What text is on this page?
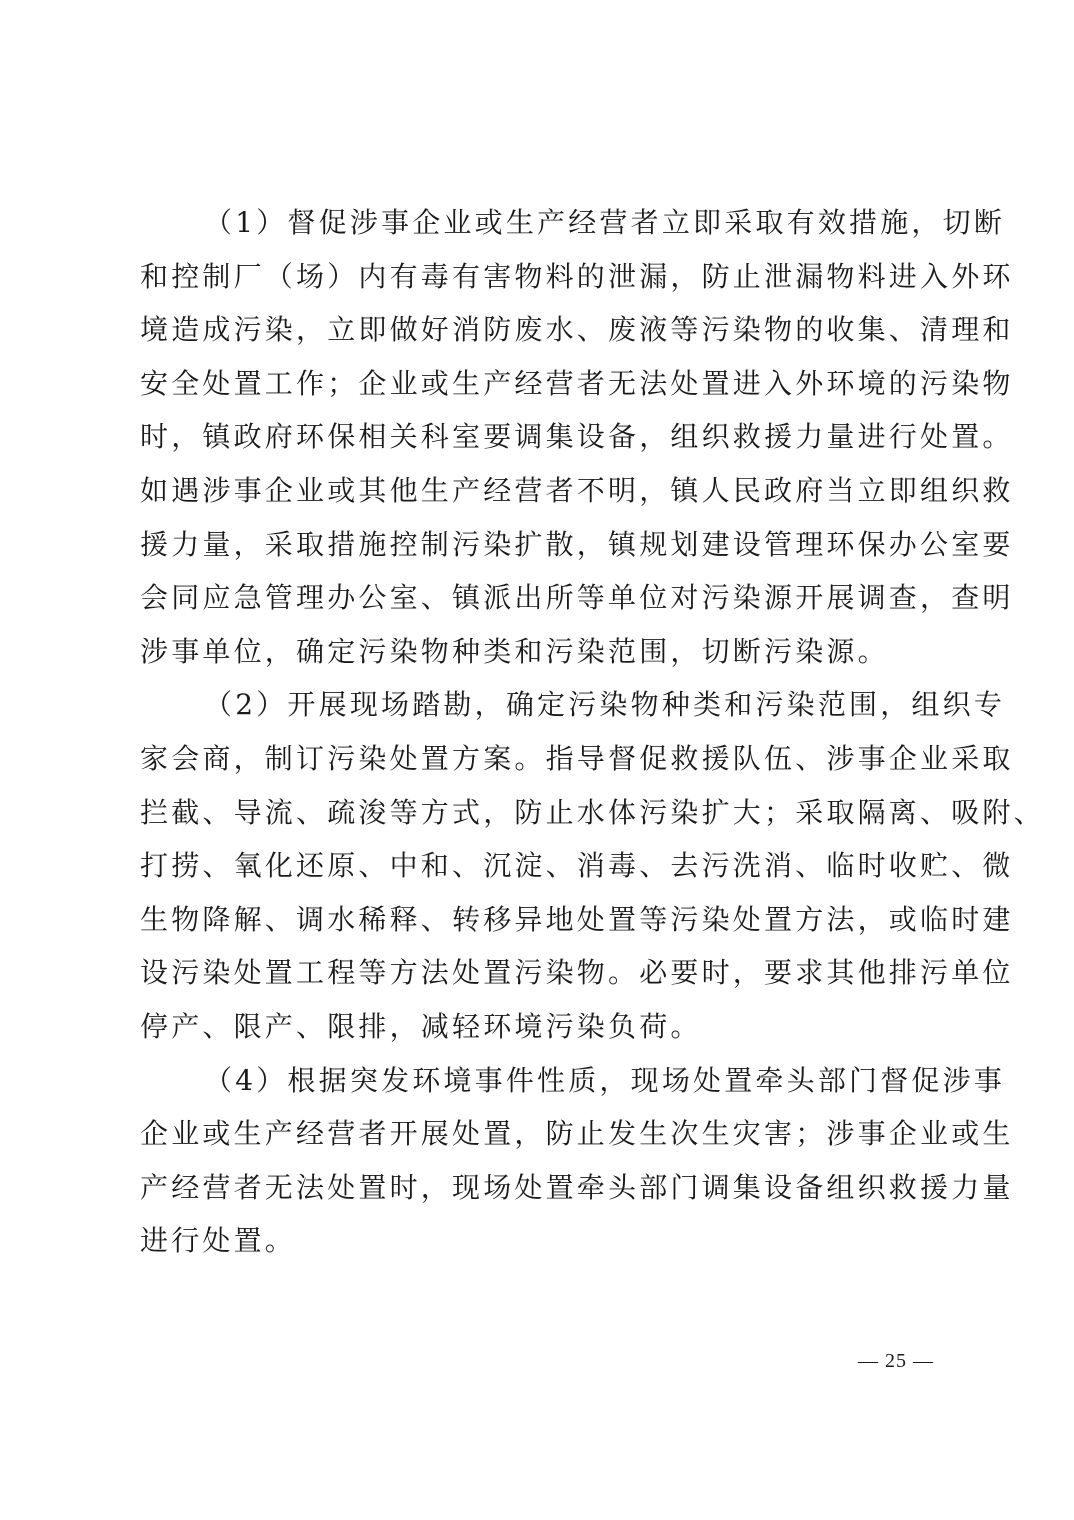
（1）督促涉事企业或生产经营者立即采取有效措施，切断
和控制厂（场）内有毒有害物料的泄漏，防止泄漏物料进入外环
境造成污染，立即做好消防废水、废液等污染物的收集、清理和
安全处置工作；企业或生产经营者无法处置进入外环境的污染物
时，镇政府环保相关科室要调集设备，组织救援力量进行处置。
如遇涉事企业或其他生产经营者不明，镇人民政府当立即组织救
援力量，采取措施控制污染扩散，镇规划建设管理环保办公室要
会同应急管理办公室、镇派出所等单位对污染源开展调查，查明
涉事单位，确定污染物种类和污染范围，切断污染源。
（2）开展现场踏勘，确定污染物种类和污染范围，组织专
家会商，制订污染处置方案。指导督促救援队伍、涉事企业采取
拦截、导流、疏浚等方式，防止水体污染扩大；采取隔离、吸附、
打捞、氧化还原、中和、沉淀、消毒、去污洗消、临时收贮、微
生物降解、调水稀释、转移异地处置等污染处置方法，或临时建
设污染处置工程等方法处置污染物。必要时，要求其他排污单位
停产、限产、限排，减轻环境污染负荷。
（4）根据突发环境事件性质，现场处置牵头部门督促涉事
企业或生产经营者开展处置，防止发生次生灾害；涉事企业或生
产经营者无法处置时，现场处置牵头部门调集设备组织救援力量
进行处置。
— 25 —
